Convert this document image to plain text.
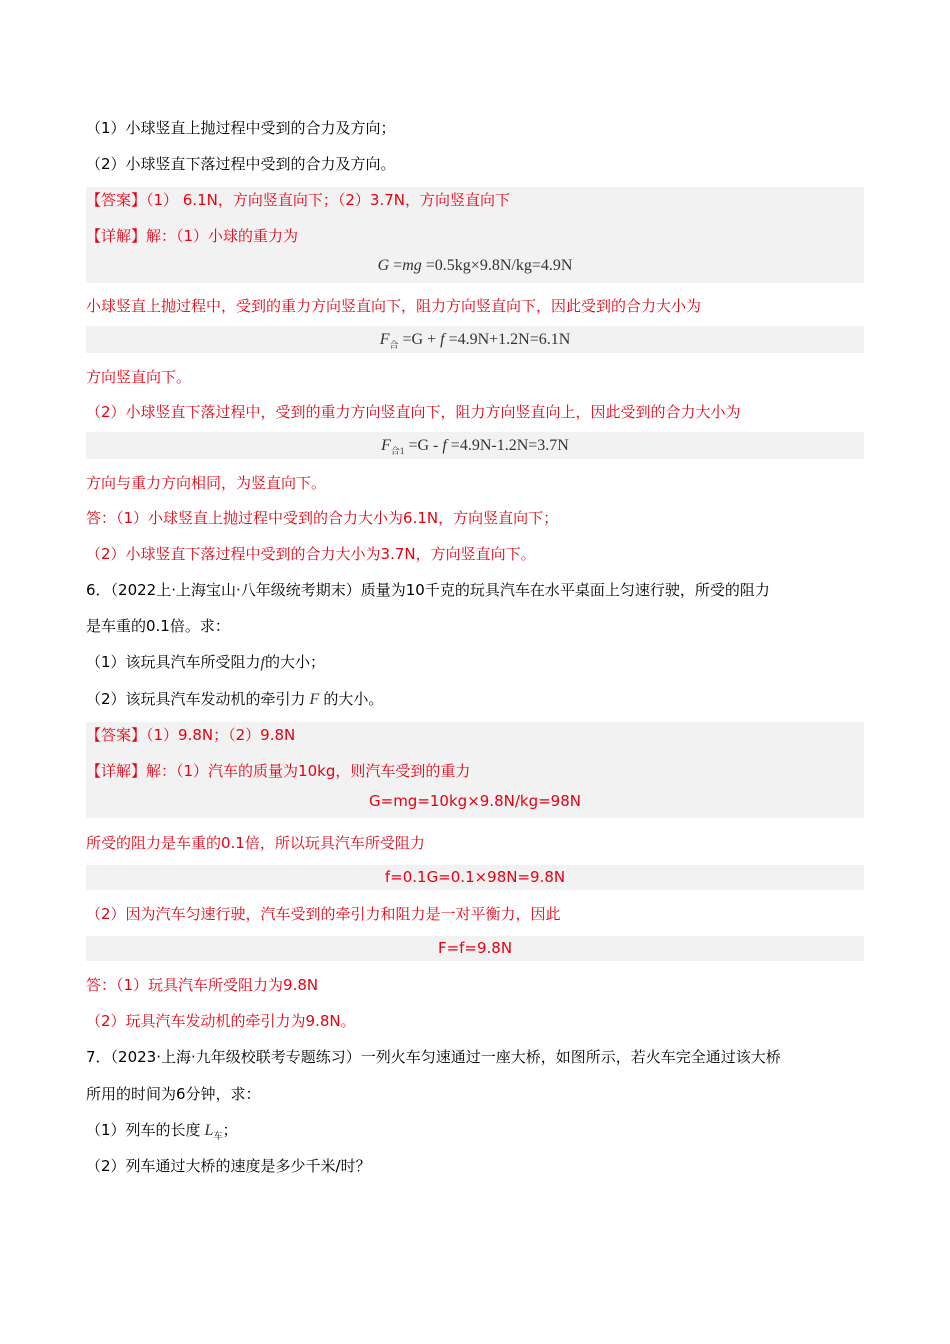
（1）小球竖直上抛过程中受到的合力及方向；
（2）小球竖直下落过程中受到的合力及方向。
【答案】（1） 6.1N，方向竖直向下；（2）3.7N，方向竖直向下
【详解】解：（1）小球的重力为
G =mg =0.5kg×9.8N/kg=4.9N
小球竖直上抛过程中，受到的重力方向竖直向下，阻力方向竖直向下，因此受到的合力大小为
$F_合 =G + f =4.9N+1.2N=6.1N$
方向竖直向下。
（2）小球竖直下落过程中，受到的重力方向竖直向下，阻力方向竖直向上，因此受到的合力大小为
$F_{合1} =G - f =4.9N-1.2N=3.7N$
方向与重力方向相同，为竖直向下。
答：（1）小球竖直上抛过程中受到的合力大小为6.1N，方向竖直向下；
（2）小球竖直下落过程中受到的合力大小为3.7N，方向竖直向下。
6．（2022上·上海宝山·八年级统考期末）质量为10千克的玩具汽车在水平桌面上匀速行驶，所受的阻力
是车重的0.1倍。求：
（1）该玩具汽车所受阻力f的大小；
（2）该玩具汽车发动机的牵引力 F 的大小。
【答案】（1）9.8N；（2）9.8N
【详解】解：（1）汽车的质量为10kg，则汽车受到的重力
G=mg=10kg×9.8N/kg=98N
所受的阻力是车重的0.1倍，所以玩具汽车所受阻力
f=0.1G=0.1×98N=9.8N
（2）因为汽车匀速行驶，汽车受到的牵引力和阻力是一对平衡力，因此
F=f=9.8N
答：（1）玩具汽车所受阻力为9.8N
（2）玩具汽车发动机的牵引力为9.8N。
7．（2023·上海·九年级校联考专题练习）一列火车匀速通过一座大桥，如图所示，若火车完全通过该大桥
所用的时间为6分钟，求：
（1）列车的长度 $L_车$；
（2）列车通过大桥的速度是多少千米/时？
